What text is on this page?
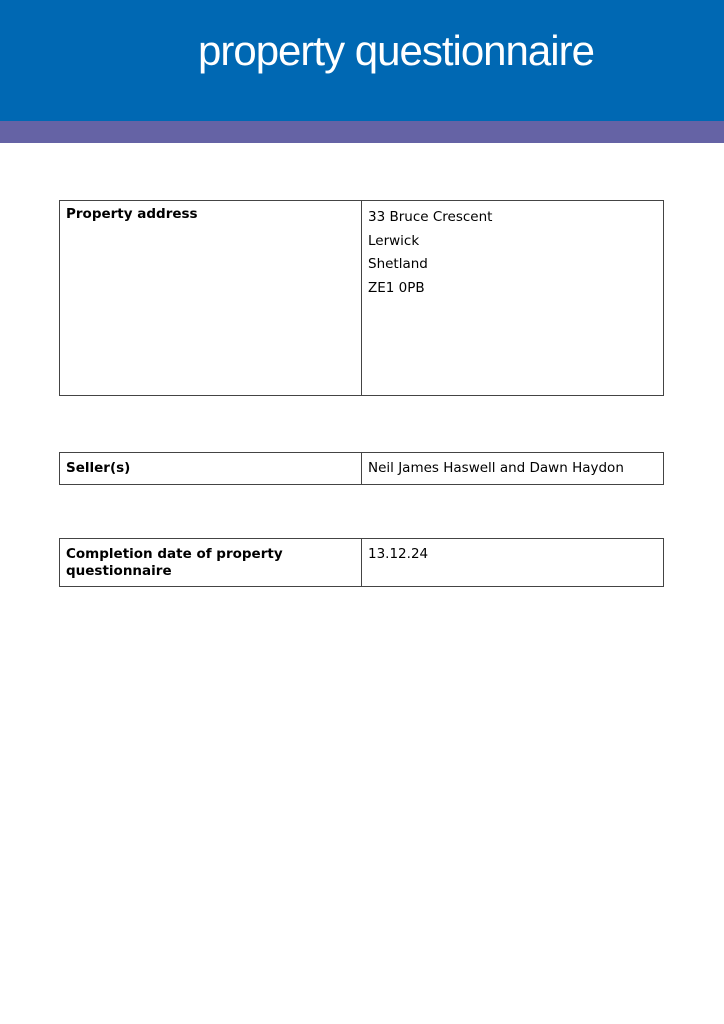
property questionnaire
Property address	33 Bruce Crescent
Lerwick
Shetland
ZE1 0PB
Seller(s)	Neil James Haswell and Dawn Haydon
Completion date of property questionnaire	13.12.24
